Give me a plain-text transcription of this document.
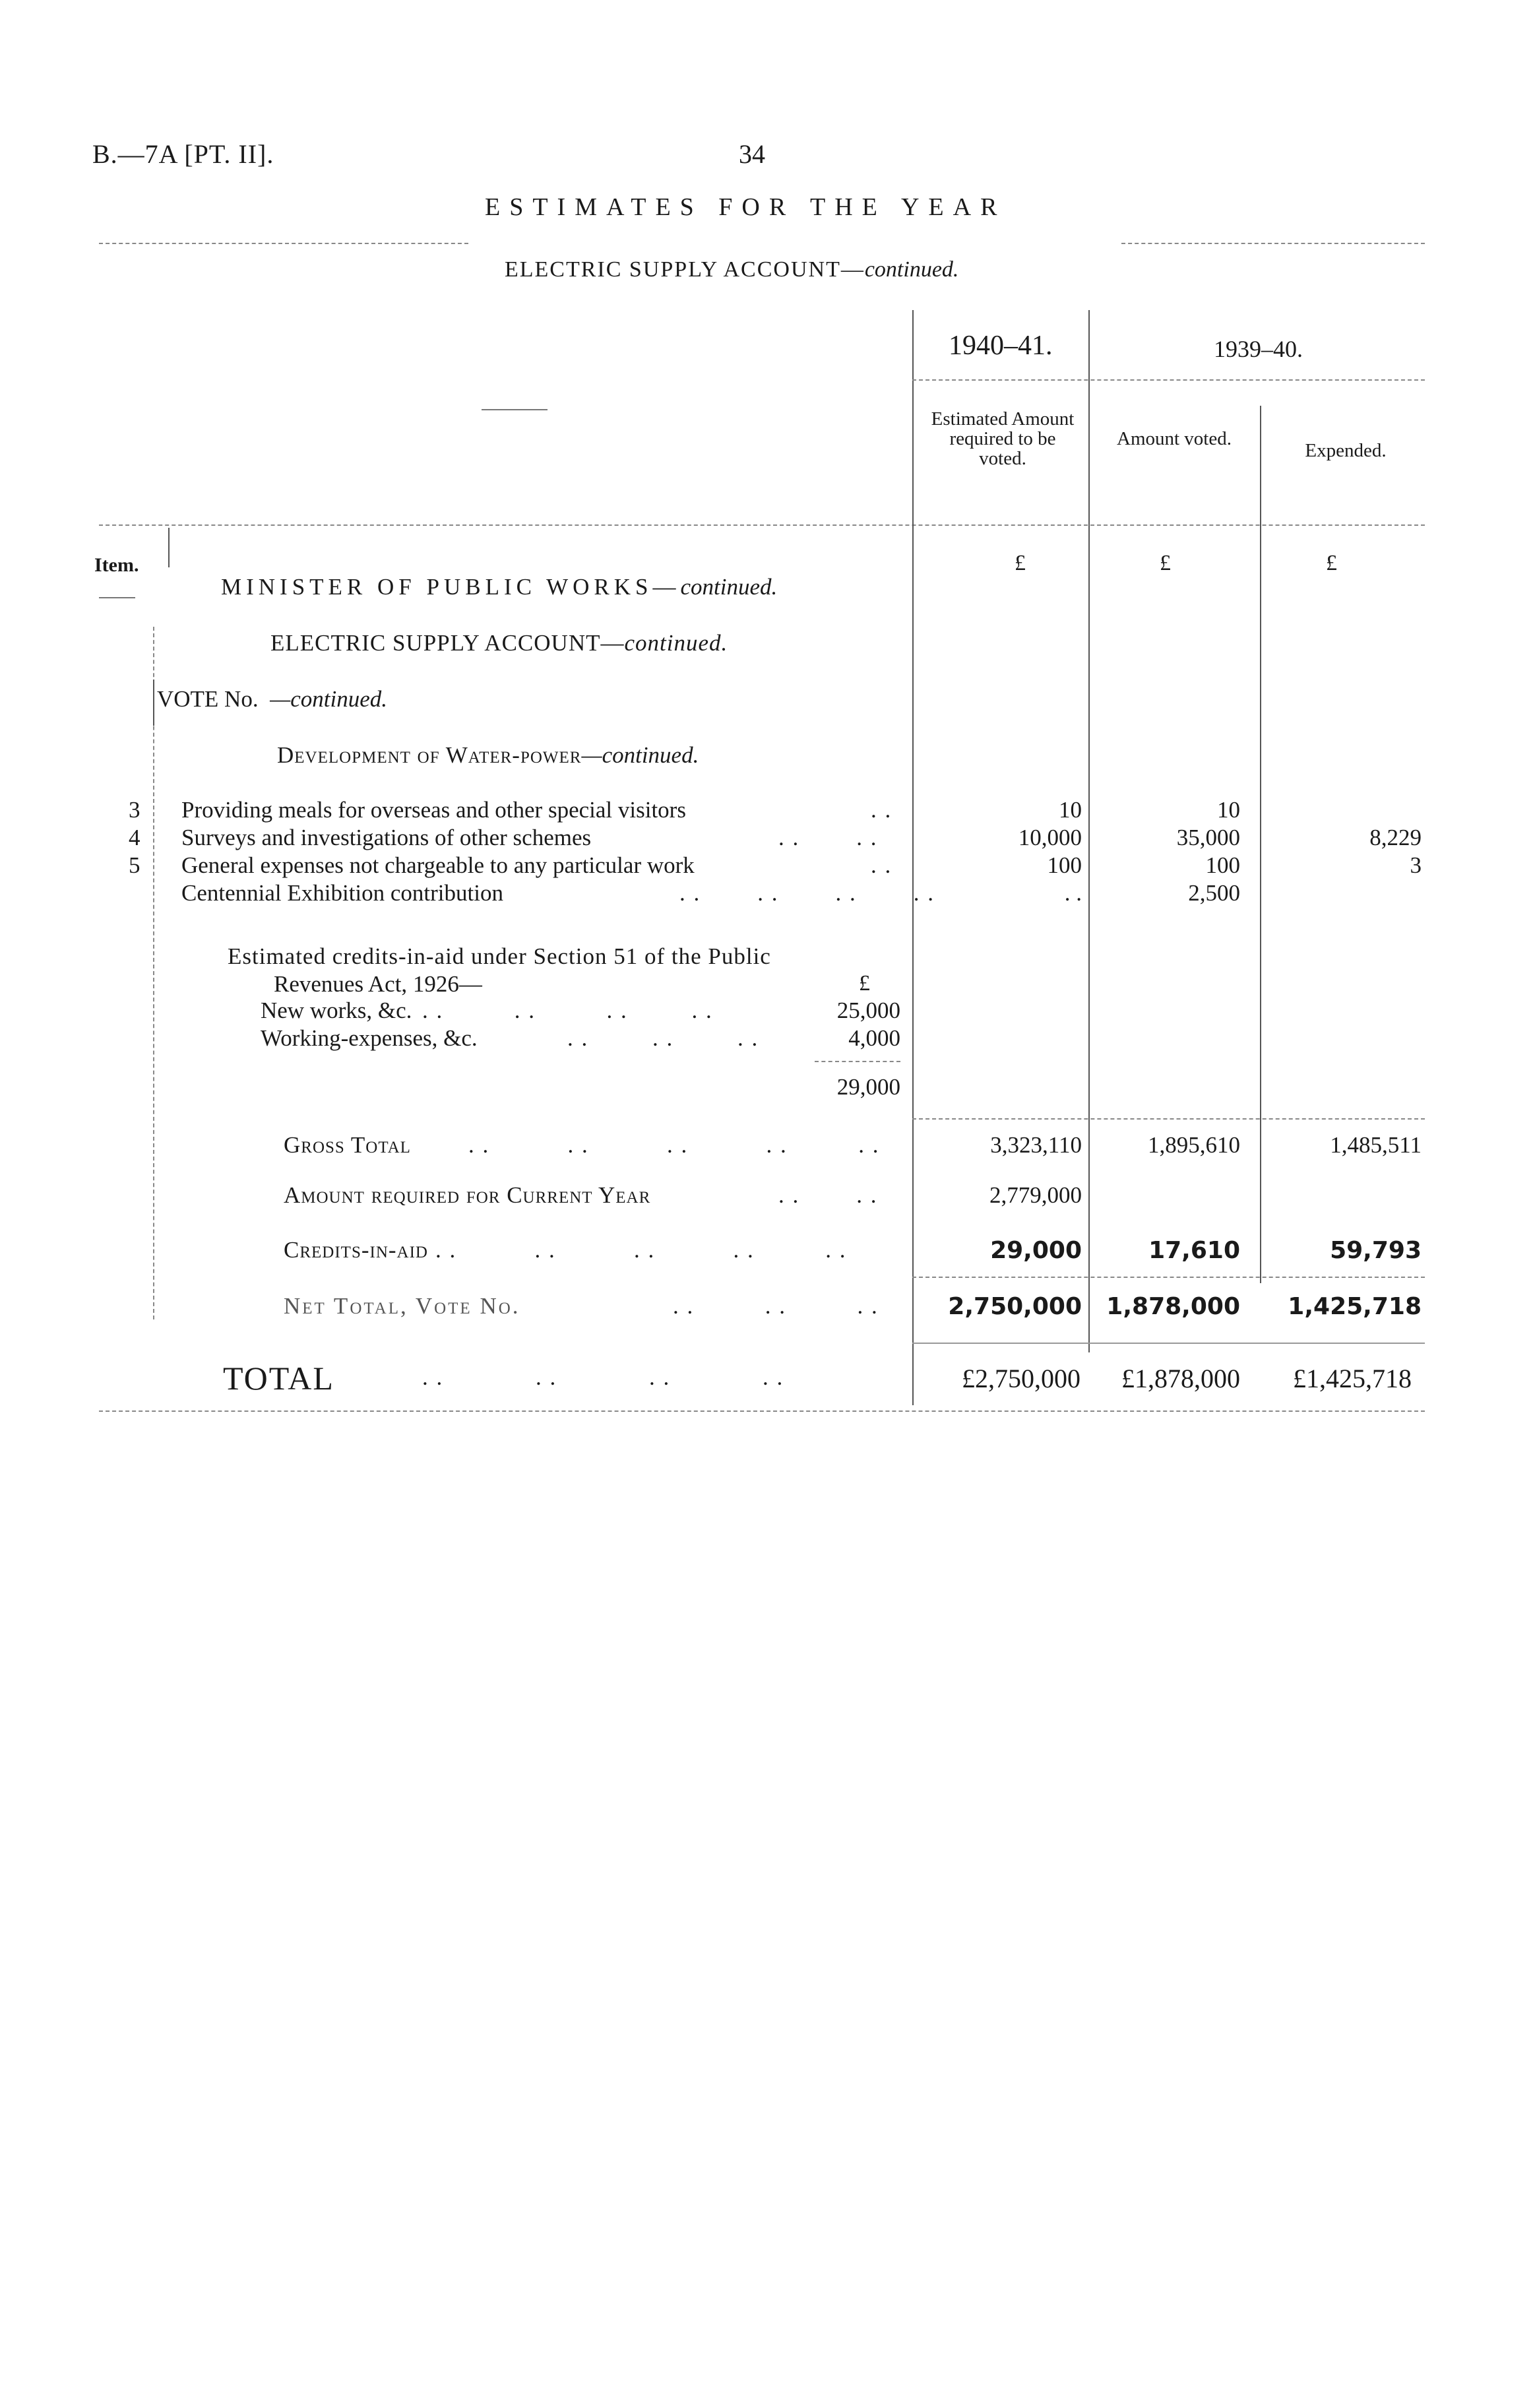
B.—7A [PT. II].	34
ESTIMATES FOR THE YEAR
ELECTRIC SUPPLY ACCOUNT—continued.
1940–41.	1939–40.
Estimated Amount required to be voted.
Amount voted.
Expended.
Item.	£	£	£
MINISTER OF PUBLIC WORKS—continued.
ELECTRIC SUPPLY ACCOUNT—continued.
VOTE No. —continued.
Development of Water-power—continued.
3 Providing meals for overseas and other special visitors	. .	10	10
4 Surveys and investigations of other schemes	. .        . .	10,000	35,000	8,229
5 General expenses not chargeable to any particular work	. .	100	100	3
Centennial Exhibition contribution	. .        . .        . .        . .	. .	2,500
Estimated credits-in-aid under Section 51 of the Public
Revenues Act, 1926—	£
New works, &c. . .          . .          . .         . .	25,000
Working-expenses, &c.	. .         . .         . .	4,000
29,000
Gross Total . .           . .           . .           . .          . .	3,323,110	1,895,610	1,485,511
Amount required for Current Year	. .        . .	2,779,000
Credits-in-aid . .           . .           . .           . .          . .	29,000	17,610	59,793
Net Total, Vote No.	. .          . .          . .	2,750,000	1,878,000	1,425,718
TOTAL	. .             . .             . .             . .	£2,750,000	£1,878,000	£1,425,718
